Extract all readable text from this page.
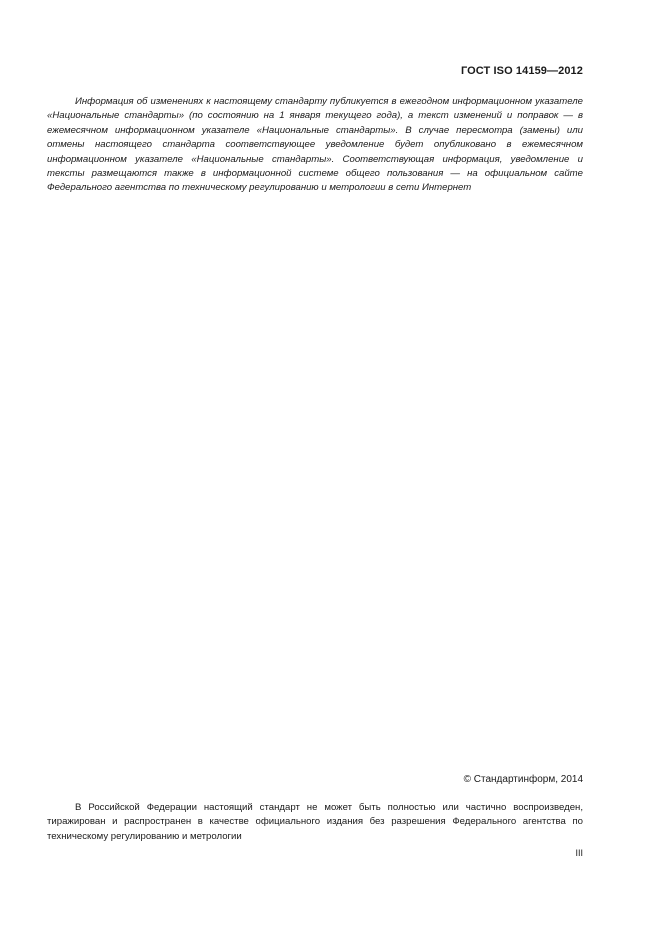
ГОСТ ISO 14159—2012

Информация об изменениях к настоящему стандарту публикуется в ежегодном информационном указателе «Национальные стандарты» (по состоянию на 1 января текущего года), а текст изменений и поправок — в ежемесячном информационном указателе «Национальные стандарты». В случае пересмотра (замены) или отмены настоящего стандарта соответствующее уведомление будет опубликовано в ежемесячном информационном указателе «Национальные стандарты». Соответствующая информация, уведомление и тексты размещаются также в информационной системе общего пользования — на официальном сайте Федерального агентства по техническому регулированию и метрологии в сети Интернет

© Стандартинформ, 2014
В Российской Федерации настоящий стандарт не может быть полностью или частично воспроизведен, тиражирован и распространен в качестве официального издания без разрешения Федерального агентства по техническому регулированию и метрологии
III
